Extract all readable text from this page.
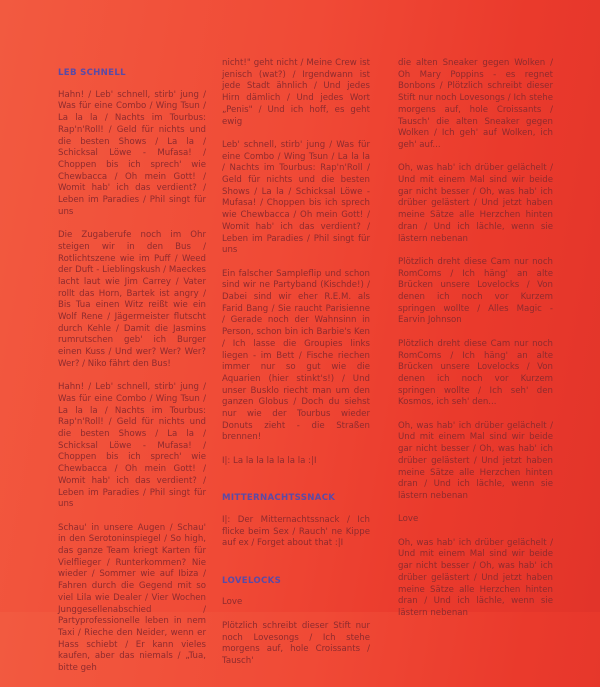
LEB SCHNELL

Hahn! / Leb' schnell, stirb' jung / Was für eine Combo / Wing Tsun / La la la / Nachts im Tourbus: Rap'n'Roll! / Geld für nichts und die besten Shows / La la / Schicksal Löwe - Mufasa! / Choppen bis ich sprech' wie Chewbacca / Oh mein Gott! / Womit hab' ich das verdient? / Leben im Paradies / Phil singt für uns

Die Zugaberufe noch im Ohr steigen wir in den Bus / Rotlichtszene wie im Puff / Weed der Duft - Lieblingskush / Maeckes lacht laut wie Jim Carrey / Vater rollt das Horn, Bartek ist angry / Bis Tua einen Witz reißt wie ein Wolf Rene / Jägermeister flutscht durch Kehle / Damit die Jasmins rumrutschen geb' ich Burger einen Kuss / Und wer? Wer? Wer? Wer? / Niko fährt den Bus!

Hahn! / Leb' schnell, stirb' jung / Was für eine Combo / Wing Tsun / La la la / Nachts im Tourbus: Rap'n'Roll! / Geld für nichts und die besten Shows / La la / Schicksal Löwe - Mufasa! / Choppen bis ich sprech' wie Chewbacca / Oh mein Gott! / Womit hab' ich das verdient? / Leben im Paradies / Phil singt für uns

Schau' in unsere Augen / Schau' in den Serotoninspiegel / So high, das ganze Team kriegt Karten für Vielflieger / Runterkommen? Nie wieder / Sommer wie auf Ibiza / Fahren durch die Gegend mit so viel Lila wie Dealer / Vier Wochen Junggesellenabschied / Partyprofessionelle leben in nem Taxi / Rieche den Neider, wenn er Hass schiebt / Er kann vieles kaufen, aber das niemals / „Tua, bitte geh

nicht!" geht nicht / Meine Crew ist jenisch (wat?) / Irgendwann ist jede Stadt ähnlich / Und jedes Hirn dämlich / Und jedes Wort „Penis" / Und ich hoff, es geht ewig

Leb' schnell, stirb' jung / Was für eine Combo / Wing Tsun / La la la / Nachts im Tourbus: Rap'n'Roll / Geld für nichts und die besten Shows / La la / Schicksal Löwe - Mufasa! / Choppen bis ich sprech wie Chewbacca / Oh mein Gott! / Womit hab' ich das verdient? / Leben im Paradies / Phil singt für uns

Ein falscher Sampleflip und schon sind wir ne Partyband (Kischde!) / Dabei sind wir eher R.E.M. als Farid Bang / Sie raucht Parisienne / Gerade noch der Wahnsinn in Person, schon bin ich Barbie's Ken / Ich lasse die Groupies links liegen - im Bett / Fische riechen immer nur so gut wie die Aquarien (hier stinkt's!) / Und unser Busklo riecht man um den ganzen Globus / Doch du siehst nur wie der Tourbus wieder Donuts zieht - die Straßen brennen!

I|: La la la la la la la :|I

MITTERNACHTSSNACK

I|: Der Mitternachtssnack / Ich flicke beim Sex / Rauch' ne Kippe auf ex / Forget about that :|I

LOVELOCKS

Love

Plötzlich schreibt dieser Stift nur noch Lovesongs / Ich stehe morgens auf, hole Croissants / Tausch'

die alten Sneaker gegen Wolken / Oh Mary Poppins - es regnet Bonbons / Plötzlich schreibt dieser Stift nur noch Lovesongs / Ich stehe morgens auf, hole Croissants / Tausch' die alten Sneaker gegen Wolken / Ich geh' auf Wolken, ich geh' auf...

Oh, was hab' ich drüber gelächelt / Und mit einem Mal sind wir beide gar nicht besser / Oh, was hab' ich drüber gelästert / Und jetzt haben meine Sätze alle Herzchen hinten dran / Und ich lächle, wenn sie lästern nebenan

Plötzlich dreht diese Cam nur noch RomComs / Ich häng' an alte Brücken unsere Lovelocks / Von denen ich noch vor Kurzem springen wollte / Alles Magic - Earvin Johnson

Plötzlich dreht diese Cam nur noch RomComs / Ich häng' an alte Brücken unsere Lovelocks / Von denen ich noch vor Kurzem springen wollte / Ich seh' den Kosmos, ich seh' den...

Oh, was hab' ich drüber gelächelt / Und mit einem Mal sind wir beide gar nicht besser / Oh, was hab' ich drüber gelästert / Und jetzt haben meine Sätze alle Herzchen hinten dran / Und ich lächle, wenn sie lästern nebenan

Love

Oh, was hab' ich drüber gelächelt / Und mit einem Mal sind wir beide gar nicht besser / Oh, was hab' ich drüber gelästert / Und jetzt haben meine Sätze alle Herzchen hinten dran / Und ich lächle, wenn sie lästern nebenan
